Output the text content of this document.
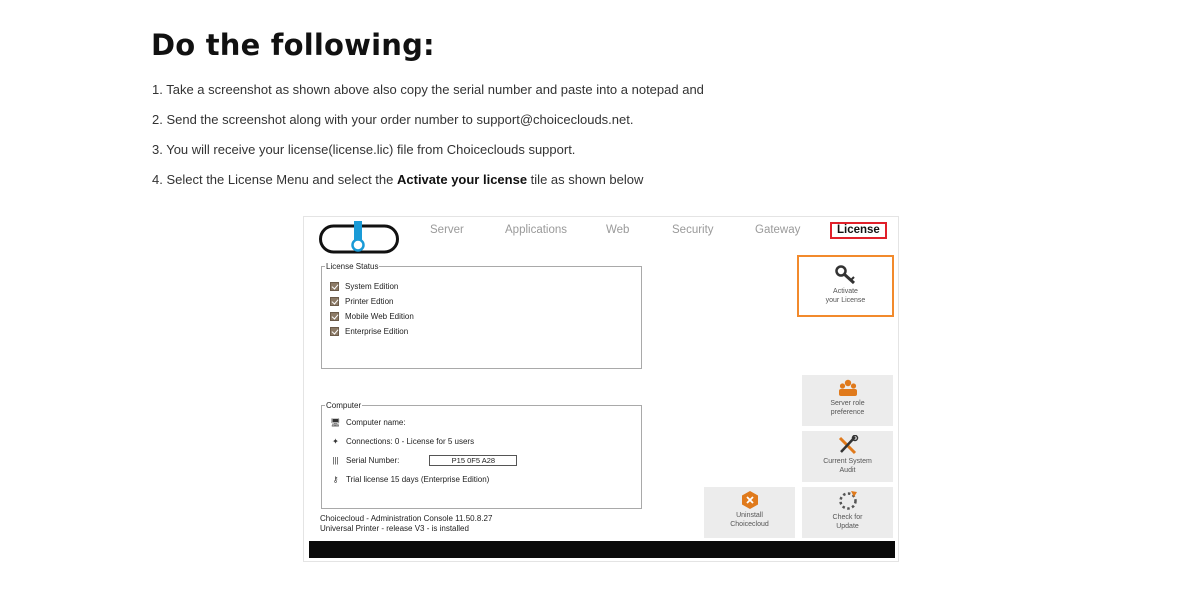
Do the following:
1. Take a screenshot as shown above also copy the serial number and paste into a notepad and
2. Send the screenshot along with your order number to support@choiceclouds.net.
3. You will receive your license(license.lic) file from Choiceclouds support.
4. Select the License Menu and select the Activate your license tile as shown below
Server	Applications	Web	Security	Gateway	License
License Status
System Edition
Printer Edtion
Mobile Web Edition
Enterprise Edition
Computer
🖥 Computer name:
✦ Connections: 0 - License for 5 users
||| Serial Number:	P15 0F5 A28
⚷ Trial license 15 days (Enterprise Edition)
Choicecloud - Administration Console 11.50.8.27
Universal Printer - release V3 - is installed
Activate
your License
Server role
preference
Current System
Audit
Uninstall
Choicecloud
Check for
Update
